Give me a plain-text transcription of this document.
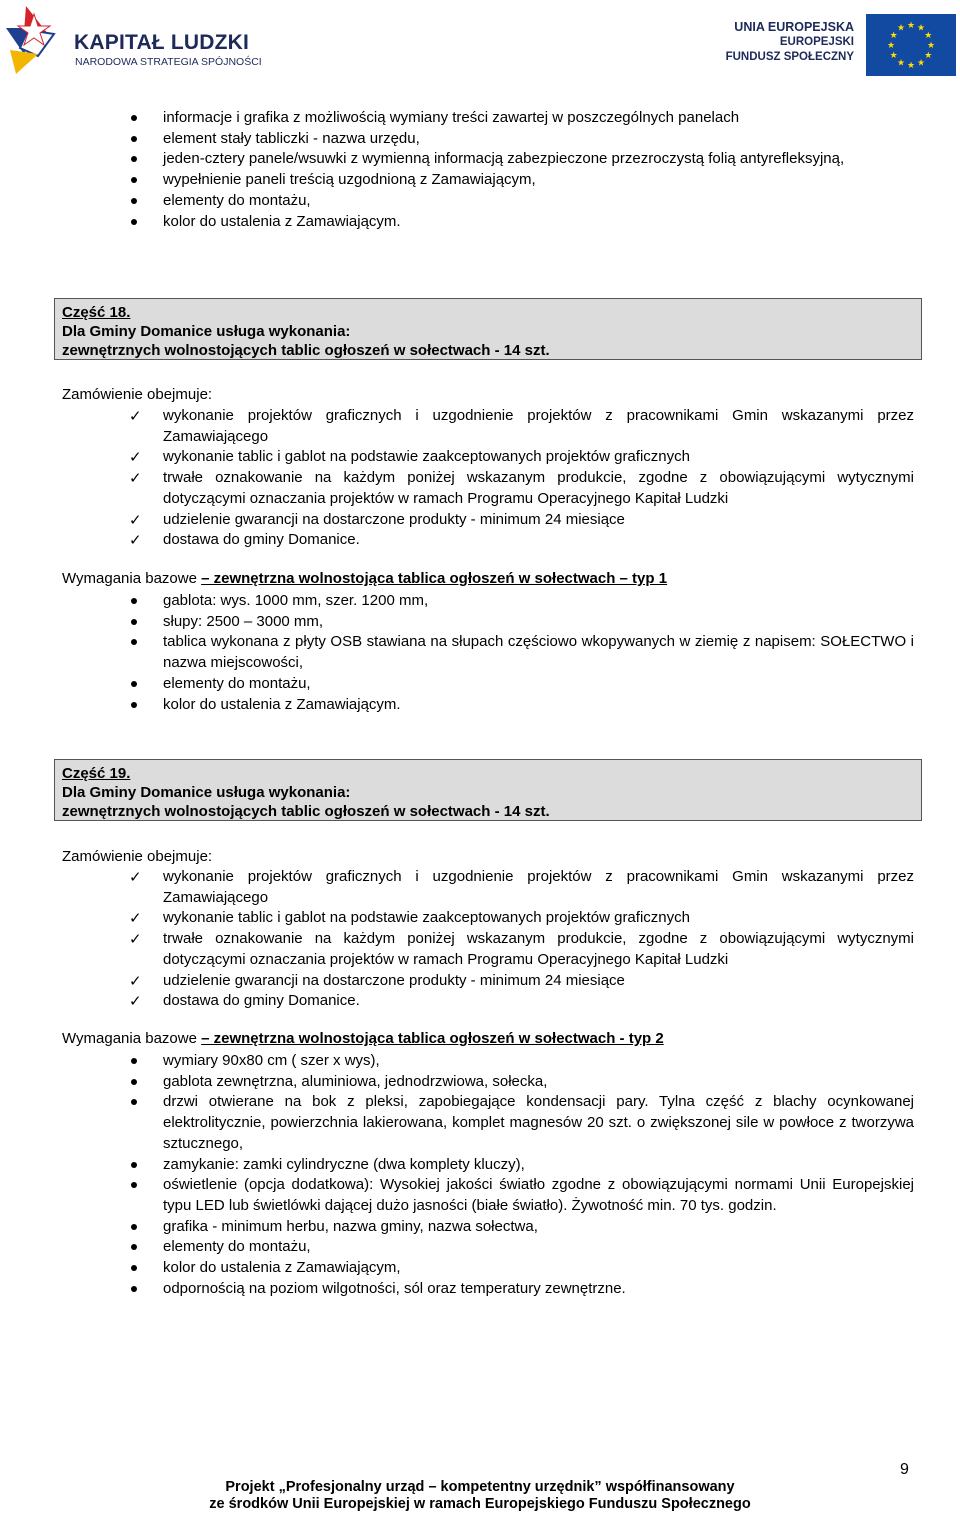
KAPITAŁ LUDZKI
NARODOWA STRATEGIA SPÓJNOŚCI
UNIA EUROPEJSKA
EUROPEJSKI
FUNDUSZ SPOŁECZNY
★ ★
★
★
★
★
★
★
★
★
★
★
informacje i grafika z możliwością wymiany treści zawartej w poszczególnych panelach
element stały tabliczki - nazwa urzędu,
jeden-cztery panele/wsuwki z wymienną informacją zabezpieczone przezroczystą folią antyrefleksyjną,
wypełnienie paneli treścią uzgodnioną z Zamawiającym,
elementy do montażu,
kolor do ustalenia z Zamawiającym.
Część 18.
Dla Gminy Domanice usługa wykonania:
zewnętrznych wolnostojących tablic ogłoszeń w sołectwach - 14 szt.
Zamówienie obejmuje:
✓ wykonanie projektów graficznych i uzgodnienie projektów z pracownikami Gmin wskazanymi przez Zamawiającego
✓ wykonanie tablic i gablot na podstawie zaakceptowanych projektów graficznych
✓ trwałe oznakowanie na każdym poniżej wskazanym produkcie, zgodne z obowiązującymi wytycznymi dotyczącymi oznaczania projektów w ramach Programu Operacyjnego Kapitał Ludzki
✓ udzielenie gwarancji na dostarczone produkty - minimum 24 miesiące
✓ dostawa do gminy Domanice.
Wymagania bazowe – zewnętrzna wolnostojąca tablica ogłoszeń w sołectwach – typ 1
gablota: wys. 1000 mm, szer. 1200 mm,
słupy: 2500 – 3000 mm,
tablica wykonana z płyty OSB stawiana na słupach częściowo wkopywanych w ziemię z napisem: SOŁECTWO i nazwa miejscowości,
elementy do montażu,
kolor do ustalenia z Zamawiającym.
Część 19.
Dla Gminy Domanice usługa wykonania:
zewnętrznych wolnostojących tablic ogłoszeń w sołectwach - 14 szt.
Zamówienie obejmuje:
✓ wykonanie projektów graficznych i uzgodnienie projektów z pracownikami Gmin wskazanymi przez Zamawiającego
✓ wykonanie tablic i gablot na podstawie zaakceptowanych projektów graficznych
✓ trwałe oznakowanie na każdym poniżej wskazanym produkcie, zgodne z obowiązującymi wytycznymi dotyczącymi oznaczania projektów w ramach Programu Operacyjnego Kapitał Ludzki
✓ udzielenie gwarancji na dostarczone produkty - minimum 24 miesiące
✓ dostawa do gminy Domanice.
Wymagania bazowe – zewnętrzna wolnostojąca tablica ogłoszeń w sołectwach - typ 2
wymiary 90x80 cm ( szer x wys),
gablota zewnętrzna, aluminiowa, jednodrzwiowa, sołecka,
drzwi otwierane na bok z pleksi, zapobiegające kondensacji pary. Tylna część z blachy ocynkowanej elektrolitycznie, powierzchnia lakierowana, komplet magnesów 20 szt. o zwiększonej sile w powłoce z tworzywa sztucznego,
zamykanie: zamki cylindryczne (dwa komplety kluczy),
oświetlenie (opcja dodatkowa): Wysokiej jakości światło zgodne z obowiązującymi normami Unii Europejskiej typu LED lub świetlówki dającej dużo jasności (białe światło). Żywotność min. 70 tys. godzin.
grafika - minimum herbu, nazwa gminy, nazwa sołectwa,
elementy do montażu,
kolor do ustalenia z Zamawiającym,
odpornością na poziom wilgotności, sól oraz temperatury zewnętrzne.
9
Projekt „Profesjonalny urząd – kompetentny urzędnik” współfinansowany
ze środków Unii Europejskiej w ramach Europejskiego Funduszu Społecznego
